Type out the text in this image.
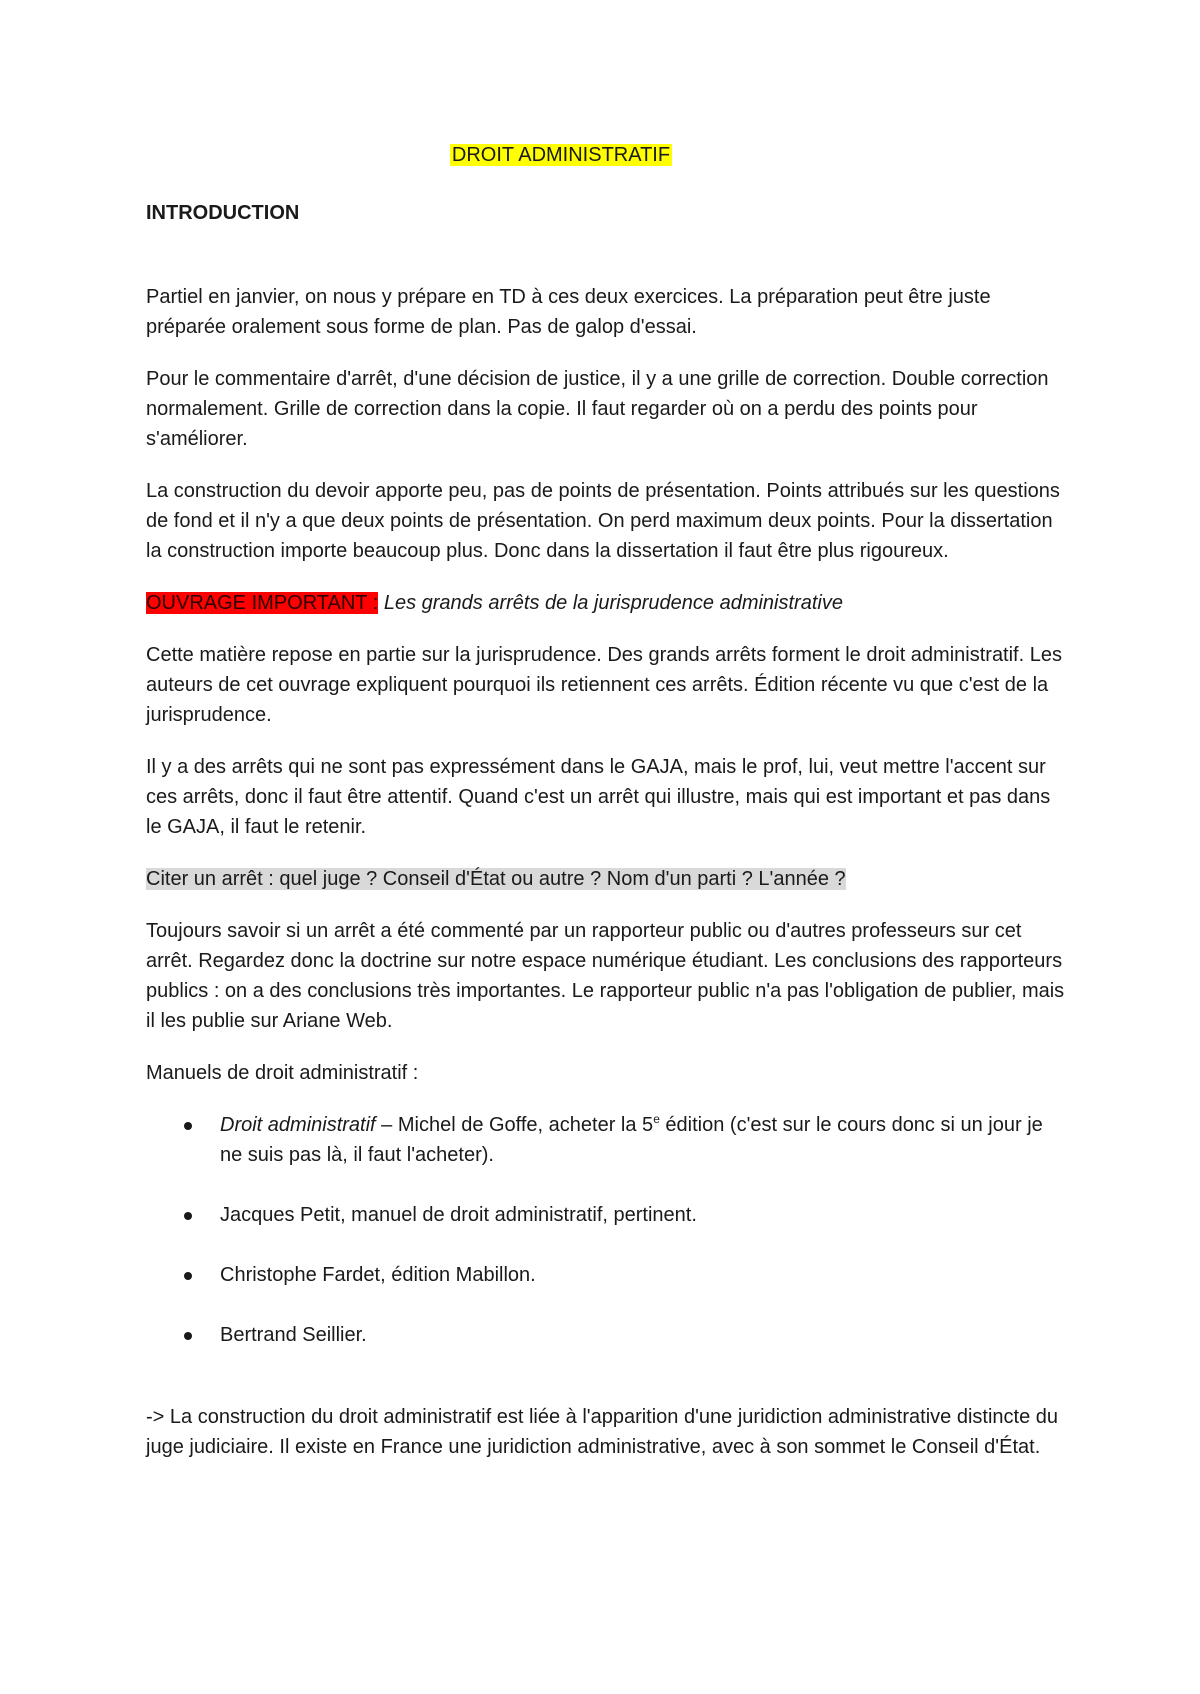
DROIT ADMINISTRATIF
INTRODUCTION

Partiel en janvier, on nous y prépare en TD à ces deux exercices. La préparation peut être juste préparée oralement sous forme de plan. Pas de galop d'essai.

Pour le commentaire d'arrêt, d'une décision de justice, il y a une grille de correction. Double correction normalement. Grille de correction dans la copie. Il faut regarder où on a perdu des points pour s'améliorer.

La construction du devoir apporte peu, pas de points de présentation. Points attribués sur les questions de fond et il n'y a que deux points de présentation. On perd maximum deux points. Pour la dissertation la construction importe beaucoup plus. Donc dans la dissertation il faut être plus rigoureux.

OUVRAGE IMPORTANT : Les grands arrêts de la jurisprudence administrative

Cette matière repose en partie sur la jurisprudence. Des grands arrêts forment le droit administratif. Les auteurs de cet ouvrage expliquent pourquoi ils retiennent ces arrêts. Édition récente vu que c'est de la jurisprudence.

Il y a des arrêts qui ne sont pas expressément dans le GAJA, mais le prof, lui, veut mettre l'accent sur ces arrêts, donc il faut être attentif. Quand c'est un arrêt qui illustre, mais qui est important et pas dans le GAJA, il faut le retenir.

Citer un arrêt : quel juge ? Conseil d'État ou autre ? Nom d'un parti ? L'année ?

Toujours savoir si un arrêt a été commenté par un rapporteur public ou d'autres professeurs sur cet arrêt. Regardez donc la doctrine sur notre espace numérique étudiant. Les conclusions des rapporteurs publics : on a des conclusions très importantes. Le rapporteur public n'a pas l'obligation de publier, mais il les publie sur Ariane Web.

Manuels de droit administratif :

Droit administratif – Michel de Goffe, acheter la 5e édition (c'est sur le cours donc si un jour je ne suis pas là, il faut l'acheter).
Jacques Petit, manuel de droit administratif, pertinent.
Christophe Fardet, édition Mabillon.
Bertrand Seillier.

-> La construction du droit administratif est liée à l'apparition d'une juridiction administrative distincte du juge judiciaire. Il existe en France une juridiction administrative, avec à son sommet le Conseil d'État.
